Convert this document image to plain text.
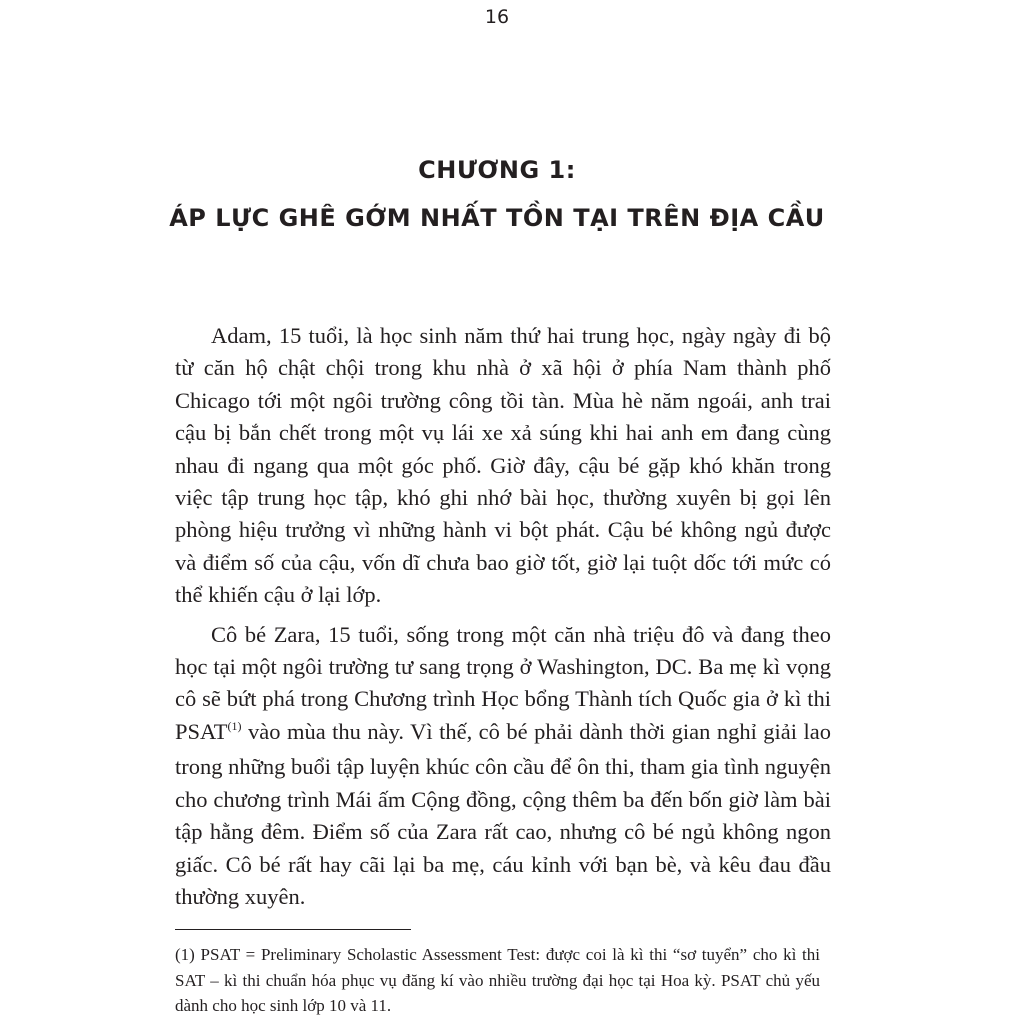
16
CHƯƠNG 1:
ÁP LỰC GHÊ GỚM NHẤT TỒN TẠI TRÊN ĐỊA CẦU

Adam, 15 tuổi, là học sinh năm thứ hai trung học, ngày ngày đi bộ từ căn hộ chật chội trong khu nhà ở xã hội ở phía Nam thành phố Chicago tới một ngôi trường công tồi tàn. Mùa hè năm ngoái, anh trai cậu bị bắn chết trong một vụ lái xe xả súng khi hai anh em đang cùng nhau đi ngang qua một góc phố. Giờ đây, cậu bé gặp khó khăn trong việc tập trung học tập, khó ghi nhớ bài học, thường xuyên bị gọi lên phòng hiệu trưởng vì những hành vi bột phát. Cậu bé không ngủ được và điểm số của cậu, vốn dĩ chưa bao giờ tốt, giờ lại tuột dốc tới mức có thể khiến cậu ở lại lớp.

Cô bé Zara, 15 tuổi, sống trong một căn nhà triệu đô và đang theo học tại một ngôi trường tư sang trọng ở Washington, DC. Ba mẹ kì vọng cô sẽ bứt phá trong Chương trình Học bổng Thành tích Quốc gia ở kì thi PSAT$^{(1)}$ vào mùa thu này. Vì thế, cô bé phải dành thời gian nghỉ giải lao trong những buổi tập luyện khúc côn cầu để ôn thi, tham gia tình nguyện cho chương trình Mái ấm Cộng đồng, cộng thêm ba đến bốn giờ làm bài tập hằng đêm. Điểm số của Zara rất cao, nhưng cô bé ngủ không ngon giấc. Cô bé rất hay cãi lại ba mẹ, cáu kỉnh với bạn bè, và kêu đau đầu thường xuyên.

(1) PSAT = Preliminary Scholastic Assessment Test: được coi là kì thi “sơ tuyển” cho kì thi SAT – kì thi chuẩn hóa phục vụ đăng kí vào nhiều trường đại học tại Hoa kỳ. PSAT chủ yếu dành cho học sinh lớp 10 và 11.
